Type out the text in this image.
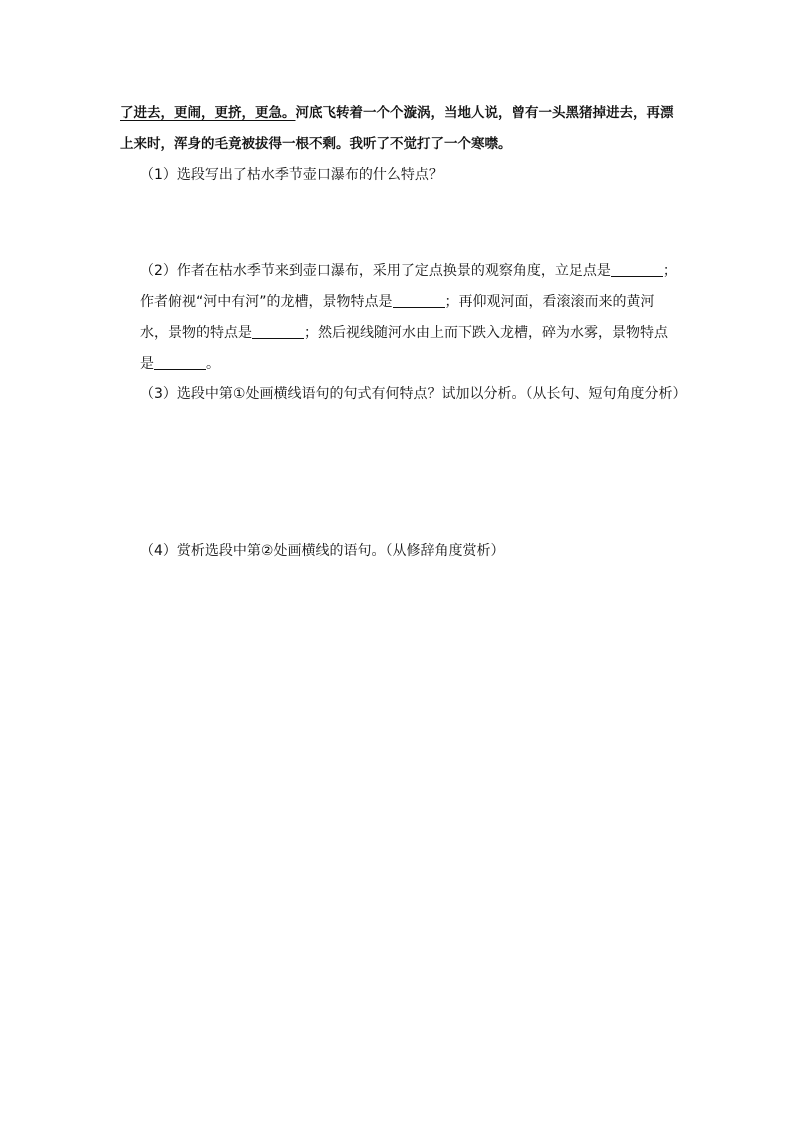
了进去，更闹，更挤，更急。河底飞转着一个个漩涡，当地人说，曾有一头黑猪掉进去，再漂上来时，浑身的毛竟被拔得一根不剩。我听了不觉打了一个寒噤。
（1）选段写出了枯水季节壶口瀑布的什么特点？
（2）作者在枯水季节来到壶口瀑布，采用了定点换景的观察角度，立足点是	；作者俯视“河中有河”的龙槽，景物特点是	；再仰观河面，看滚滚而来的黄河水，景物的特点是	；然后视线随河水由上而下跌入龙槽，碎为水雾，景物特点是	。
（3）选段中第①处画横线语句的句式有何特点？试加以分析。（从长句、短句角度分析）
（4）赏析选段中第②处画横线的语句。（从修辞角度赏析）
